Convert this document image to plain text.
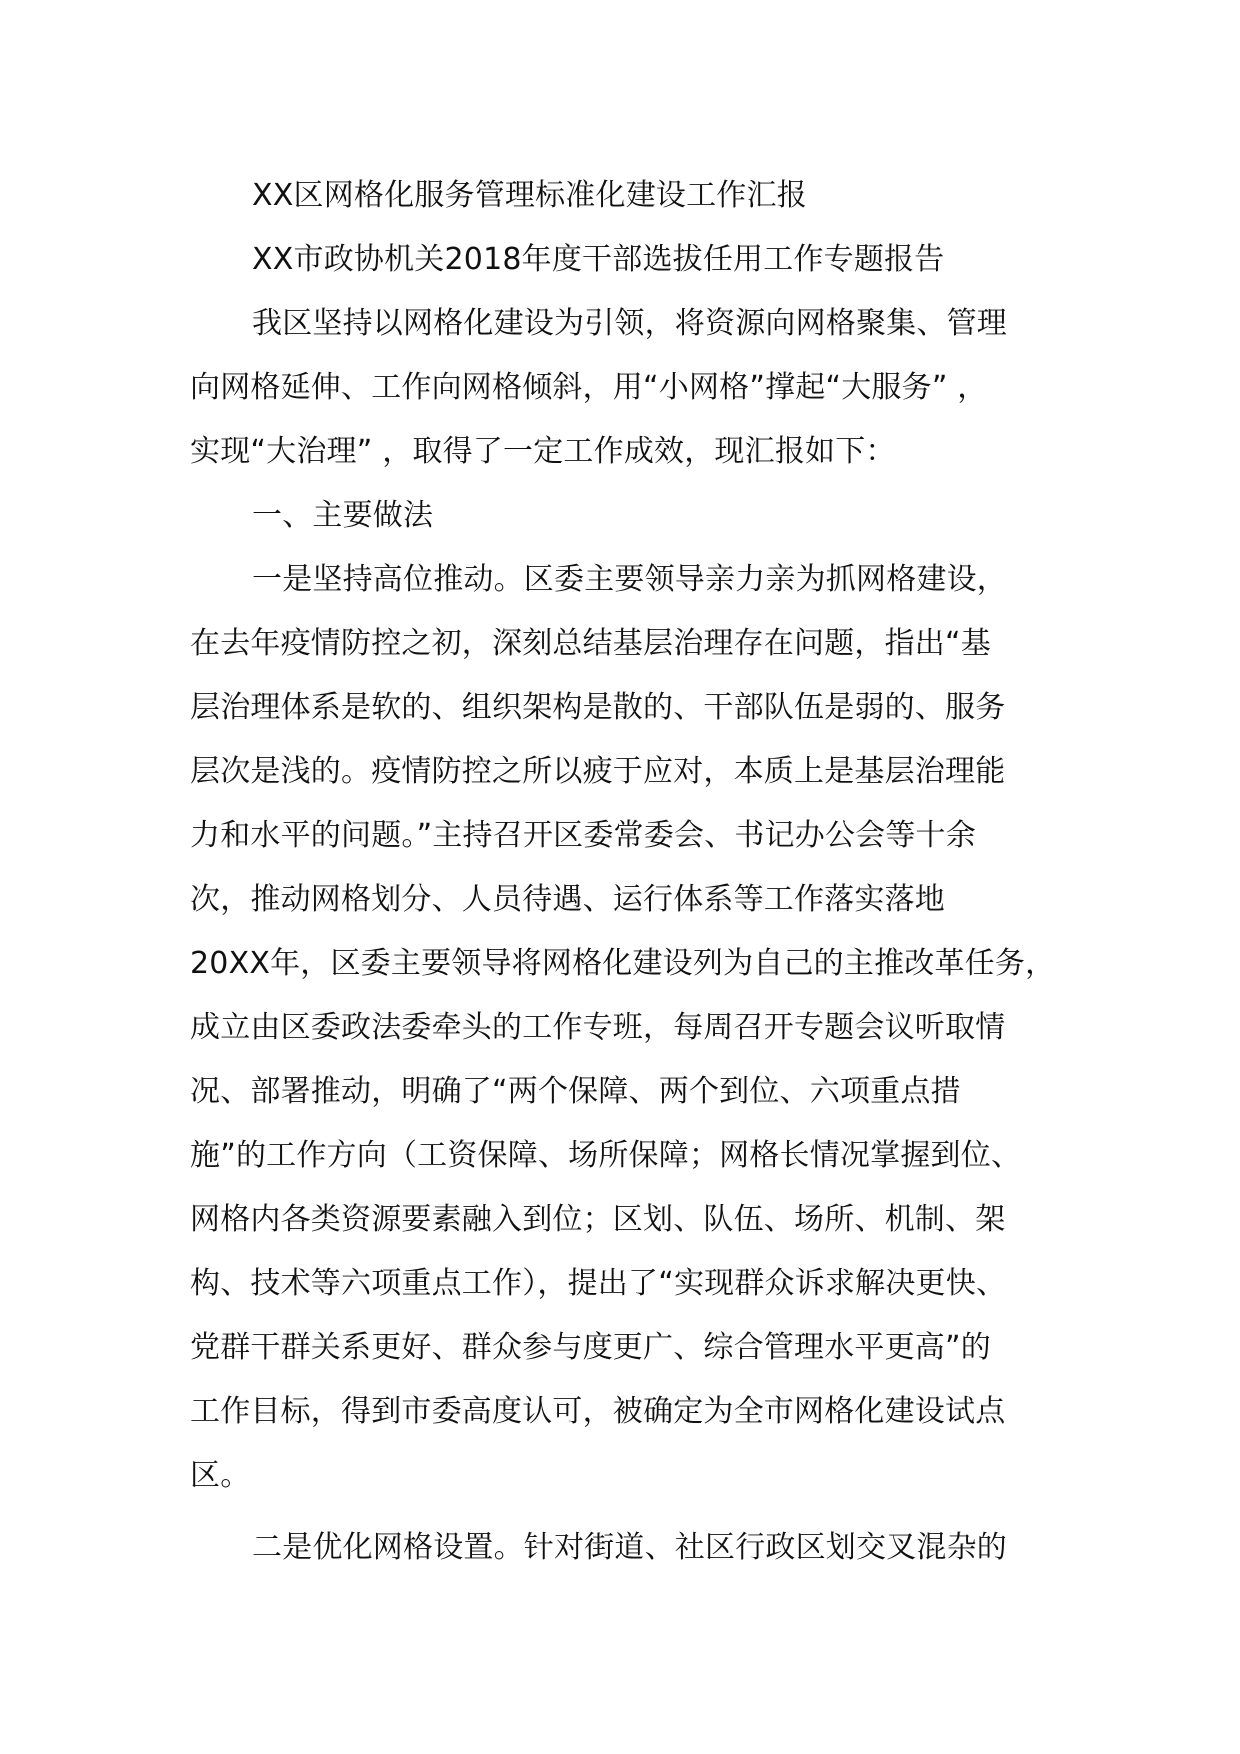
XX区网格化服务管理标准化建设工作汇报
XX市政协机关2018年度干部选拔任用工作专题报告
我区坚持以网格化建设为引领，将资源向网格聚集、管理
向网格延伸、工作向网格倾斜，用“小网格”撑起“大服务” ，
实现“大治理” ，取得了一定工作成效，现汇报如下：
一、主要做法
一是坚持高位推动。区委主要领导亲力亲为抓网格建设，
在去年疫情防控之初，深刻总结基层治理存在问题，指出“基
层治理体系是软的、组织架构是散的、干部队伍是弱的、服务
层次是浅的。疫情防控之所以疲于应对，本质上是基层治理能
力和水平的问题。”主持召开区委常委会、书记办公会等十余
次，推动网格划分、人员待遇、运行体系等工作落实落地
20XX年，区委主要领导将网格化建设列为自己的主推改革任务，
成立由区委政法委牵头的工作专班，每周召开专题会议听取情
况、部署推动，明确了“两个保障、两个到位、六项重点措
施”的工作方向（工资保障、场所保障；网格长情况掌握到位、
网格内各类资源要素融入到位；区划、队伍、场所、机制、架
构、技术等六项重点工作），提出了“实现群众诉求解决更快、
党群干群关系更好、群众参与度更广、综合管理水平更高”的
工作目标，得到市委高度认可，被确定为全市网格化建设试点
区。
二是优化网格设置。针对街道、社区行政区划交叉混杂的
